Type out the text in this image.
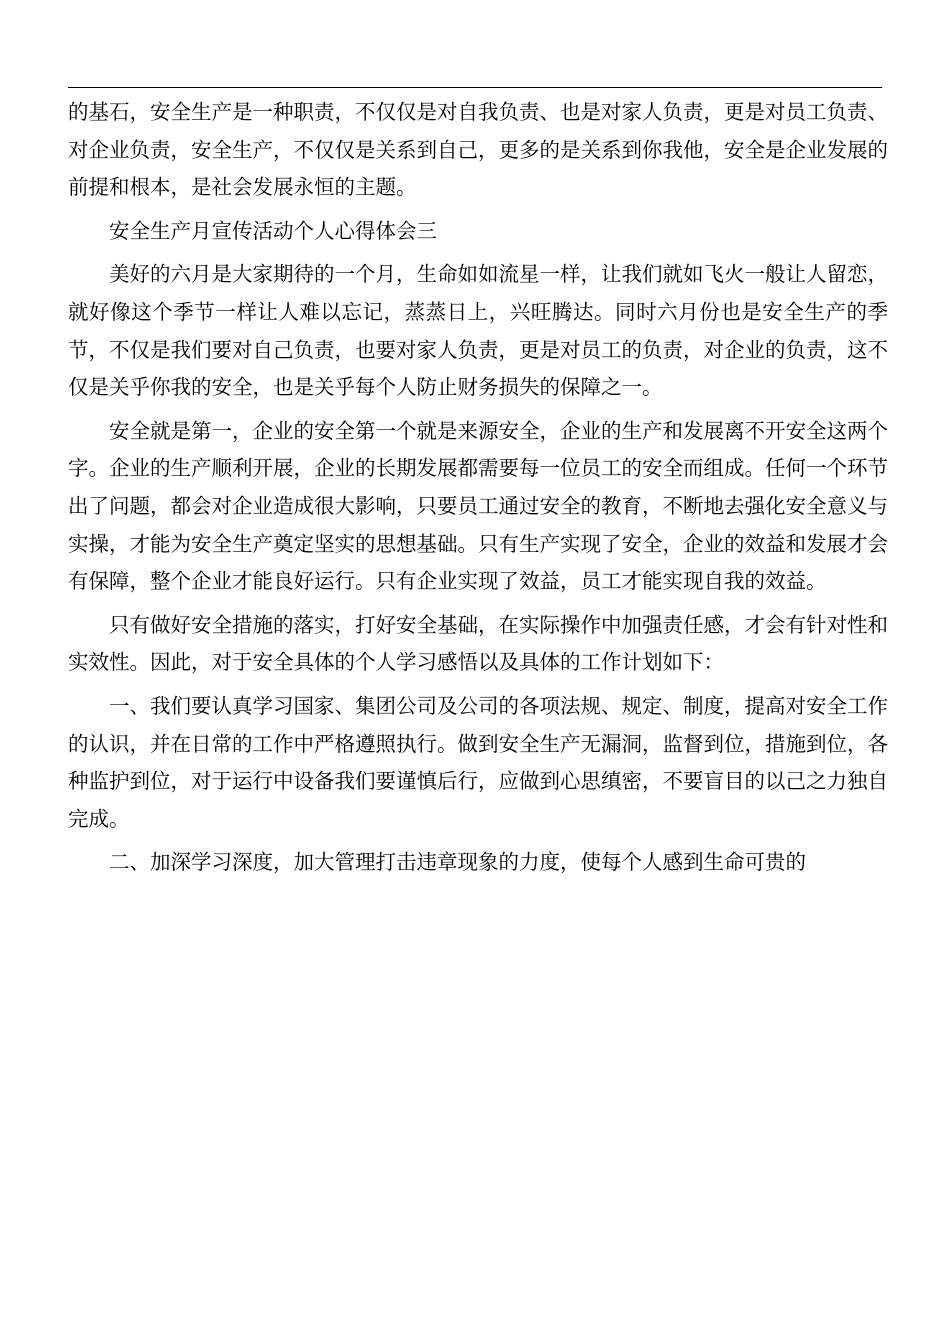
的基石，安全生产是一种职责，不仅仅是对自我负责、也是对家人负责，更是对员工负责、对企业负责，安全生产，不仅仅是关系到自己，更多的是关系到你我他，安全是企业发展的前提和根本，是社会发展永恒的主题。

安全生产月宣传活动个人心得体会三

美好的六月是大家期待的一个月，生命如如流星一样，让我们就如飞火一般让人留恋，就好像这个季节一样让人难以忘记，蒸蒸日上，兴旺腾达。同时六月份也是安全生产的季节，不仅是我们要对自己负责，也要对家人负责，更是对员工的负责，对企业的负责，这不仅是关乎你我的安全，也是关乎每个人防止财务损失的保障之一。

安全就是第一，企业的安全第一个就是来源安全，企业的生产和发展离不开安全这两个字。企业的生产顺利开展，企业的长期发展都需要每一位员工的安全而组成。任何一个环节出了问题，都会对企业造成很大影响，只要员工通过安全的教育，不断地去强化安全意义与实操，才能为安全生产奠定坚实的思想基础。只有生产实现了安全，企业的效益和发展才会有保障，整个企业才能良好运行。只有企业实现了效益，员工才能实现自我的效益。

只有做好安全措施的落实，打好安全基础，在实际操作中加强责任感，才会有针对性和实效性。因此，对于安全具体的个人学习感悟以及具体的工作计划如下：

一、我们要认真学习国家、集团公司及公司的各项法规、规定、制度，提高对安全工作的认识，并在日常的工作中严格遵照执行。做到安全生产无漏洞，监督到位，措施到位，各种监护到位，对于运行中设备我们要谨慎后行，应做到心思缜密，不要盲目的以己之力独自完成。

二、加深学习深度，加大管理打击违章现象的力度，使每个人感到生命可贵的
